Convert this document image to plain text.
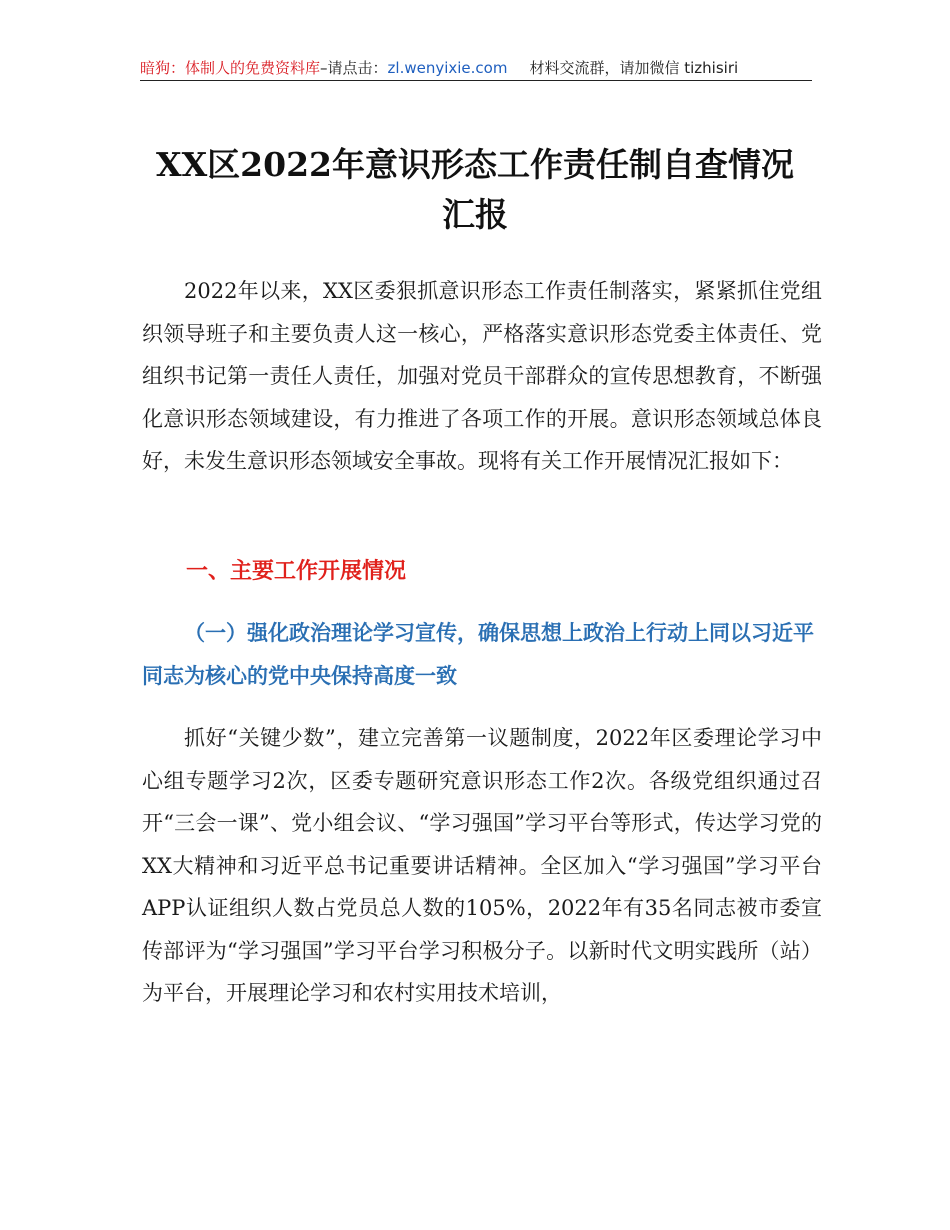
暗狗：体制人的免费资料库–请点击：zl.wenyixie.com 材料交流群，请加微信 tizhisiri
XX区2022年意识形态工作责任制自查情况
汇报

2022年以来，XX区委狠抓意识形态工作责任制落实，紧紧抓住党组织领导班子和主要负责人这一核心，严格落实意识形态党委主体责任、党组织书记第一责任人责任，加强对党员干部群众的宣传思想教育，不断强化意识形态领域建设，有力推进了各项工作的开展。意识形态领域总体良好，未发生意识形态领域安全事故。现将有关工作开展情况汇报如下：

一、主要工作开展情况
（一）强化政治理论学习宣传，确保思想上政治上行动上同以习近平同志为核心的党中央保持高度一致

抓好“关键少数”，建立完善第一议题制度，2022年区委理论学习中心组专题学习2次，区委专题研究意识形态工作2次。各级党组织通过召开“三会一课”、党小组会议、“学习强国”学习平台等形式，传达学习党的XX大精神和习近平总书记重要讲话精神。全区加入“学习强国”学习平台APP认证组织人数占党员总人数的105%，2022年有35名同志被市委宣传部评为“学习强国”学习平台学习积极分子。以新时代文明实践所（站）为平台，开展理论学习和农村实用技术培训，
